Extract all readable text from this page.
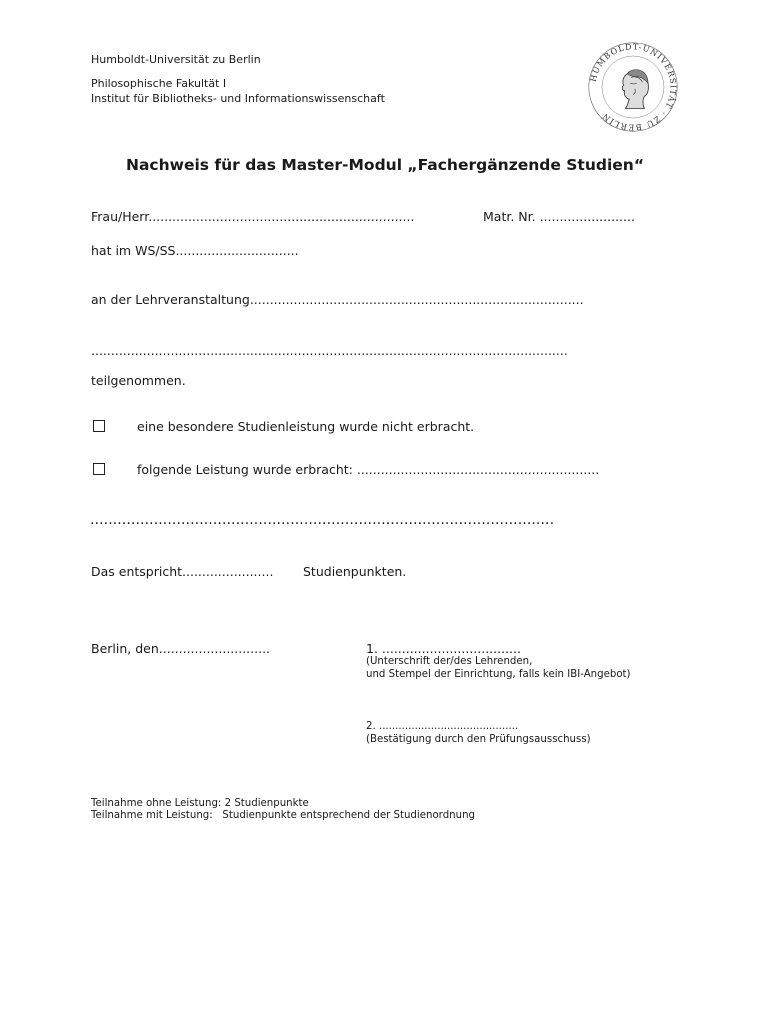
Humboldt-Universität zu Berlin
Philosophische Fakultät I
Institut für Bibliotheks- und Informationswissenschaft
HUMBOLDT-UNIVERSITÄT · ZU BERLIN
Nachweis für das Master-Modul „Fachergänzende Studien“
Frau/Herr...................................................................	Matr. Nr. ........................
hat im WS/SS...............................
an der Lehrveranstaltung....................................................................................
........................................................................................................................
teilgenommen.
eine besondere Studienleistung wurde nicht erbracht.
folgende Leistung wurde erbracht: .............................................................
......................................................................................................
Das entspricht....................... Studienpunkten.
Berlin, den............................	1. ...................................
(Unterschrift der/des Lehrenden,
und Stempel der Einrichtung, falls kein IBI-Angebot)
2. ...........................................
(Bestätigung durch den Prüfungsausschuss)
Teilnahme ohne Leistung: 2 Studienpunkte
Teilnahme mit Leistung:   Studienpunkte entsprechend der Studienordnung
